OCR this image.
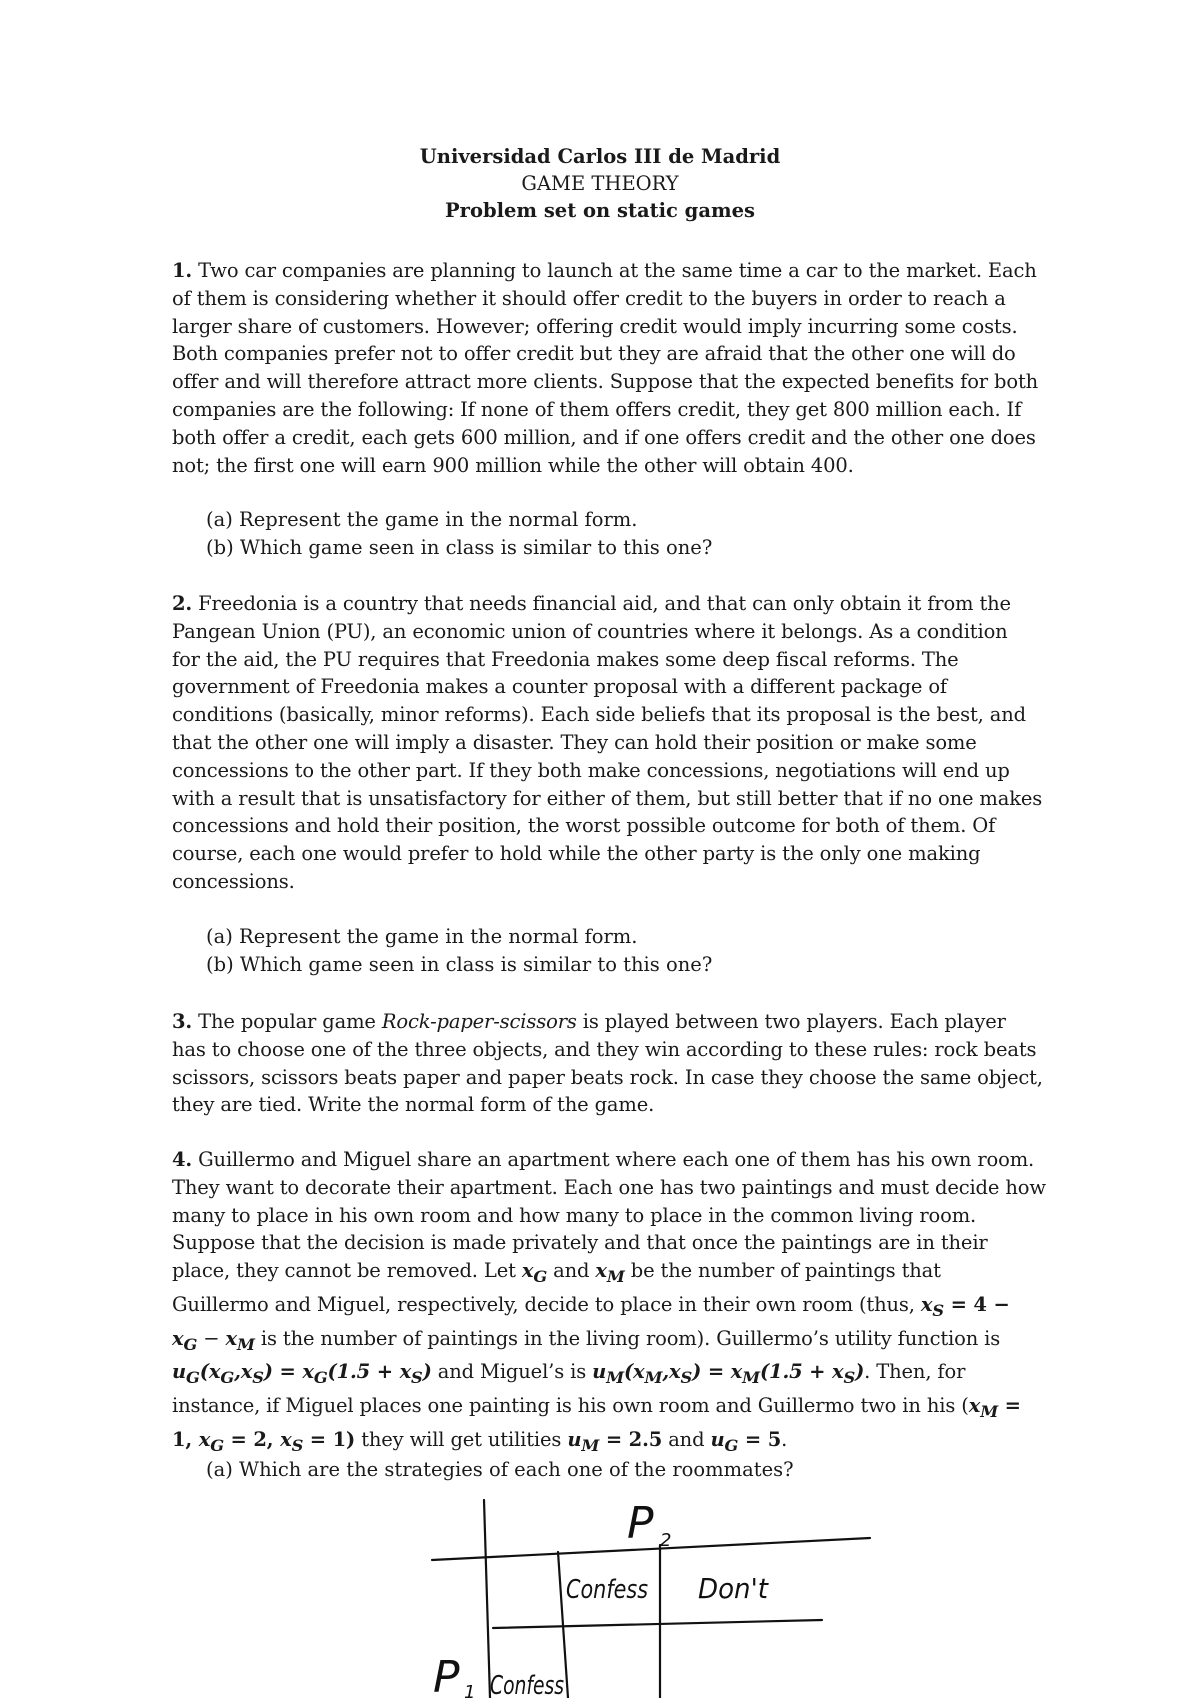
Universidad Carlos III de Madrid
GAME THEORY
Problem set on static games
1. Two car companies are planning to launch at the same time a car to the market. Each
of them is considering whether it should offer credit to the buyers in order to reach a
larger share of customers. However; offering credit would imply incurring some costs.
Both companies prefer not to offer credit but they are afraid that the other one will do
offer and will therefore attract more clients. Suppose that the expected benefits for both
companies are the following: If none of them offers credit, they get 800 million each. If
both offer a credit, each gets 600 million, and if one offers credit and the other one does
not; the first one will earn 900 million while the other will obtain 400.
(a) Represent the game in the normal form.
(b) Which game seen in class is similar to this one?
2. Freedonia is a country that needs financial aid, and that can only obtain it from the
Pangean Union (PU), an economic union of countries where it belongs. As a condition
for the aid, the PU requires that Freedonia makes some deep fiscal reforms. The
government of Freedonia makes a counter proposal with a different package of
conditions (basically, minor reforms). Each side beliefs that its proposal is the best, and
that the other one will imply a disaster. They can hold their position or make some
concessions to the other part. If they both make concessions, negotiations will end up
with a result that is unsatisfactory for either of them, but still better that if no one makes
concessions and hold their position, the worst possible outcome for both of them. Of
course, each one would prefer to hold while the other party is the only one making
concessions.
(a) Represent the game in the normal form.
(b) Which game seen in class is similar to this one?
3. The popular game Rock-paper-scissors is played between two players. Each player
has to choose one of the three objects, and they win according to these rules: rock beats
scissors, scissors beats paper and paper beats rock. In case they choose the same object,
they are tied. Write the normal form of the game.
4. Guillermo and Miguel share an apartment where each one of them has his own room.
They want to decorate their apartment. Each one has two paintings and must decide how
many to place in his own room and how many to place in the common living room.
Suppose that the decision is made privately and that once the paintings are in their
place, they cannot be removed. Let $x_G$ and $x_M$ be the number of paintings that
Guillermo and Miguel, respectively, decide to place in their own room (thus, $x_S = 4$ −
$x_G - x_M$ is the number of paintings in the living room). Guillermo’s utility function is
$u_G(x_G,x_S) = x_G(1.5 + x_S)$ and Miguel’s is $u_M(x_M,x_S) = x_M(1.5 + x_S)$. Then, for
instance, if Miguel places one painting is his own room and Guillermo two in his ($x_M$ =
1, $x_G = 2$, $x_S = 1$) they will get utilities $u_M = 2.5$ and $u_G = 5$.
(a) Which are the strategies of each one of the roommates?
P 2
Confess Don't
P 1 Confess
